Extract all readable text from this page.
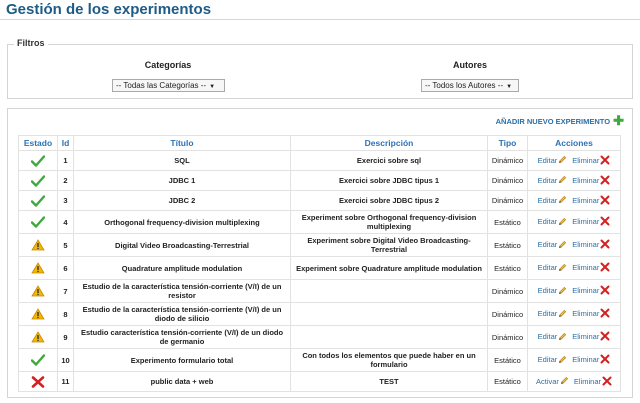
Gestión de los experimentos
Filtros
Categorías
-- Todas las Categorías -- ▼
Autores
-- Todos los Autores -- ▼
AÑADIR NUEVO EXPERIMENTO ✚
Estado	Id	Título	Descripción	Tipo	Acciones
	1	SQL	Exercici sobre sql	Dinámico	Editar Eliminar
	2	JDBC 1	Exercici sobre JDBC tipus 1	Dinámico	Editar Eliminar
	3	JDBC 2	Exercici sobre JDBC tipus 2	Dinámico	Editar Eliminar
	4	Orthogonal frequency-division multiplexing	Experiment sobre Orthogonal frequency-division multiplexing	Estático	Editar Eliminar
	5	Digital Video Broadcasting-Terrestrial	Experiment sobre Digital Video Broadcasting-Terrestrial	Estático	Editar Eliminar
	6	Quadrature amplitude modulation	Experiment sobre Quadrature amplitude modulation	Estático	Editar Eliminar
	7	Estudio de la característica tensión-corriente (V/I) de un resistor		Dinámico	Editar Eliminar
	8	Estudio de la característica tensión-corriente (V/I) de un diodo de silicio		Dinámico	Editar Eliminar
	9	Estudio característica tensión-corriente (V/I) de un diodo de germanio		Dinámico	Editar Eliminar
	10	Experimento formulario total	Con todos los elementos que puede haber en un formulario	Estático	Editar Eliminar
	11	public data + web	TEST	Estático	Activar Eliminar
